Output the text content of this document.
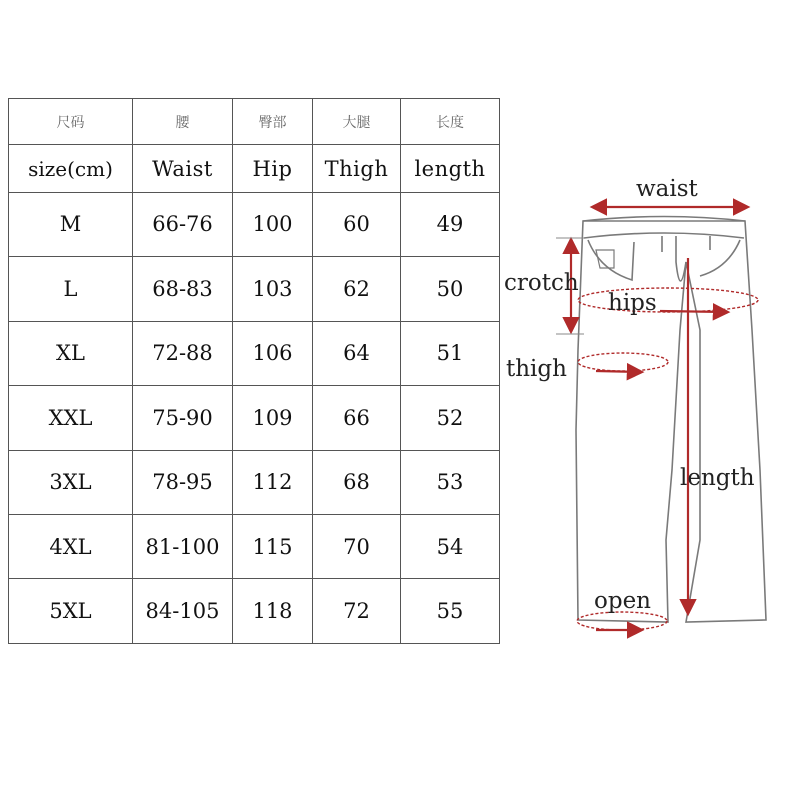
尺码	腰	臀部	大腿	长度
size(cm)	Waist	Hip	Thigh	length
M	66-76	100	60	49
L	68-83	103	62	50
XL	72-88	106	64	51
XXL	75-90	109	66	52
3XL	78-95	112	68	53
4XL	81-100	115	70	54
5XL	84-105	118	72	55
waist
crotch
hips
thigh
length
open
